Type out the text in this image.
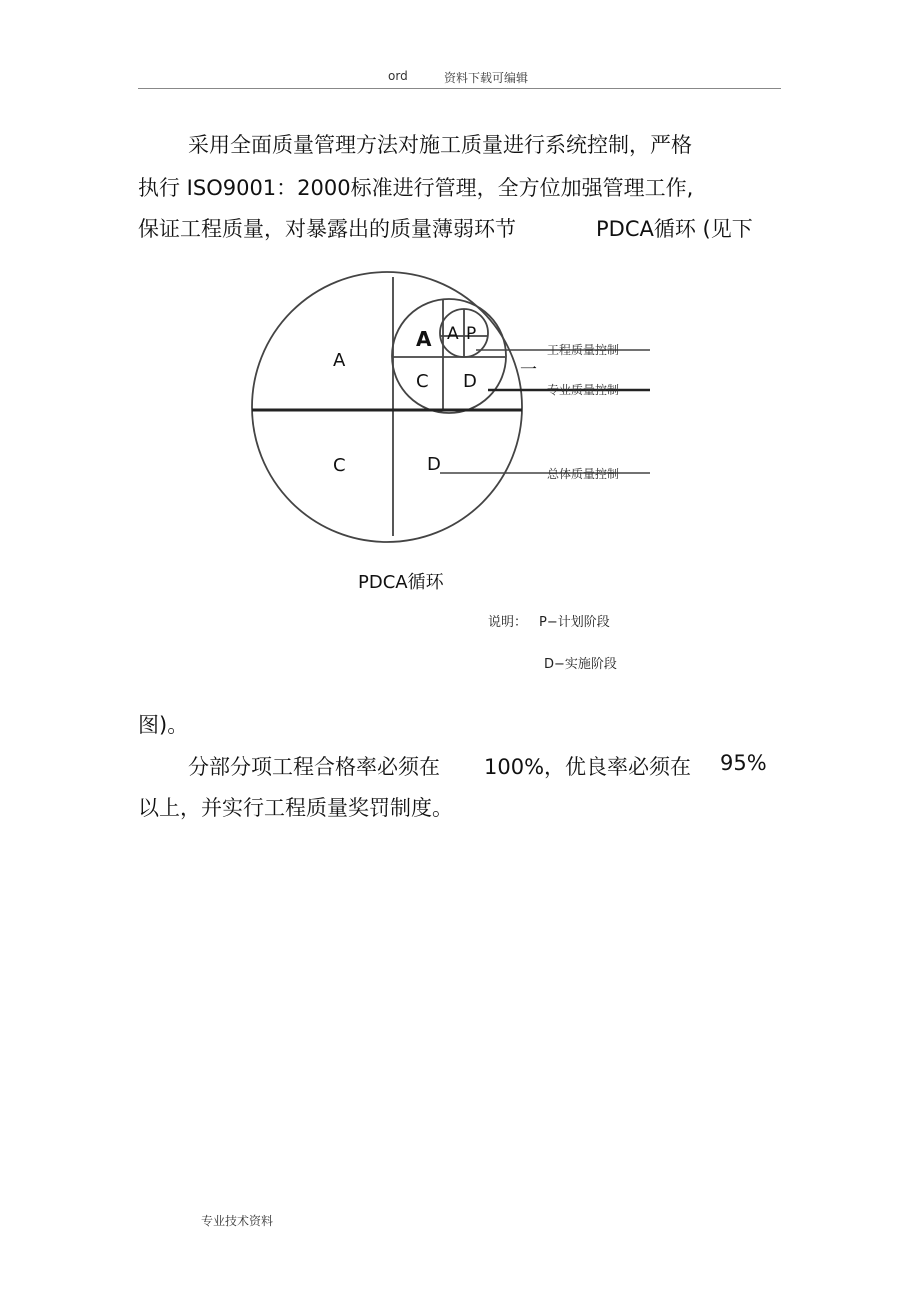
ord	资料下载可编辑
采用全面质量管理方法对施工质量进行系统控制，严格
执行 ISO9001：2000标准进行管理，全方位加强管理工作,
保证工程质量，对暴露出的质量薄弱环节	PDCA循环 (见下
A
C	D
A
C D
A P
一
工程质量控制
专业质量控制
总体质量控制
PDCA循环
说明： P−计划阶段
D−实施阶段
图)。
分部分项工程合格率必须在 100%，优良率必须在 95%
以上，并实行工程质量奖罚制度。
专业技术资料
